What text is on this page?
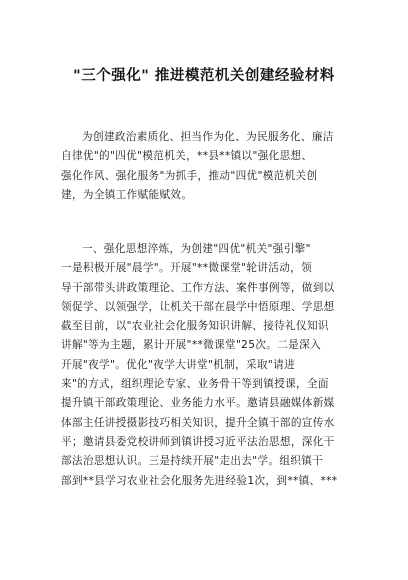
"三个强化" 推进模范机关创建经验材料

为创建政治素质化、担当作为化、为民服务化、廉洁
自律优"的"四优"模范机关，**县**镇以"强化思想、
强化作风、强化服务"为抓手，推动"四优"模范机关创
建，为全镇工作赋能赋效。

一、强化思想淬炼，为创建"四优"机关"强引擎"
一是积极开展"晨学"。开展"**微课堂"轮讲活动，领
导干部带头讲政策理论、工作方法、案件事例等，做到以
领促学、以领强学，让机关干部在晨学中悟原理、学思想
截至目前，以"农业社会化服务知识讲解、接待礼仪知识
讲解"等为主题，累计开展"**微课堂"25次。二是深入
开展"夜学"。优化"夜学大讲堂"机制，采取"请进
来"的方式，组织理论专家、业务骨干等到镇授课，全面
提升镇干部政策理论、业务能力水平。邀请县融媒体新媒
体部主任讲授摄影技巧相关知识，提升全镇干部的宣传水
平；邀请县委党校讲师到镇讲授习近平法治思想，深化干
部法治思想认识。三是持续开展"走出去"学。组织镇干
部到**县学习农业社会化服务先进经验1次，到**镇、***
